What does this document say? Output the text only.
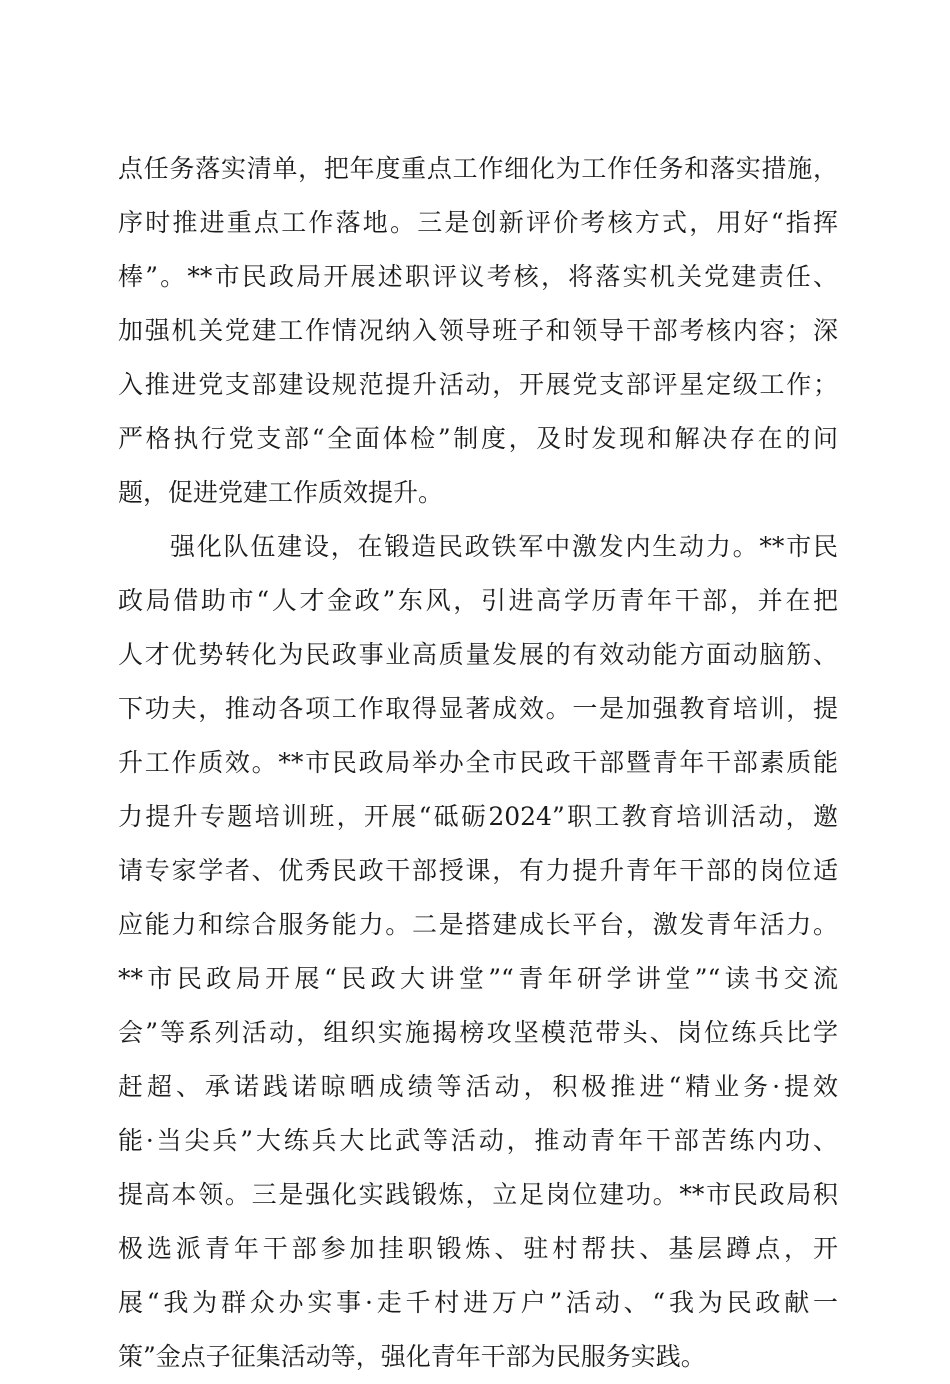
点任务落实清单，把年度重点工作细化为工作任务和落实措施，
序时推进重点工作落地。三是创新评价考核方式，用好“指挥
棒”。**市民政局开展述职评议考核，将落实机关党建责任、
加强机关党建工作情况纳入领导班子和领导干部考核内容；深
入推进党支部建设规范提升活动，开展党支部评星定级工作；
严格执行党支部“全面体检”制度，及时发现和解决存在的问
题，促进党建工作质效提升。
强化队伍建设，在锻造民政铁军中激发内生动力。**市民
政局借助市“人才金政”东风，引进高学历青年干部，并在把
人才优势转化为民政事业高质量发展的有效动能方面动脑筋、
下功夫，推动各项工作取得显著成效。一是加强教育培训，提
升工作质效。**市民政局举办全市民政干部暨青年干部素质能
力提升专题培训班，开展“砥砺2024”职工教育培训活动，邀
请专家学者、优秀民政干部授课，有力提升青年干部的岗位适
应能力和综合服务能力。二是搭建成长平台，激发青年活力。
**市民政局开展“民政大讲堂”“青年研学讲堂”“读书交流
会”等系列活动，组织实施揭榜攻坚模范带头、岗位练兵比学
赶超、承诺践诺晾晒成绩等活动，积极推进“精业务·提效
能·当尖兵”大练兵大比武等活动，推动青年干部苦练内功、
提高本领。三是强化实践锻炼，立足岗位建功。**市民政局积
极选派青年干部参加挂职锻炼、驻村帮扶、基层蹲点，开
展“我为群众办实事·走千村进万户”活动、“我为民政献一
策”金点子征集活动等，强化青年干部为民服务实践。
